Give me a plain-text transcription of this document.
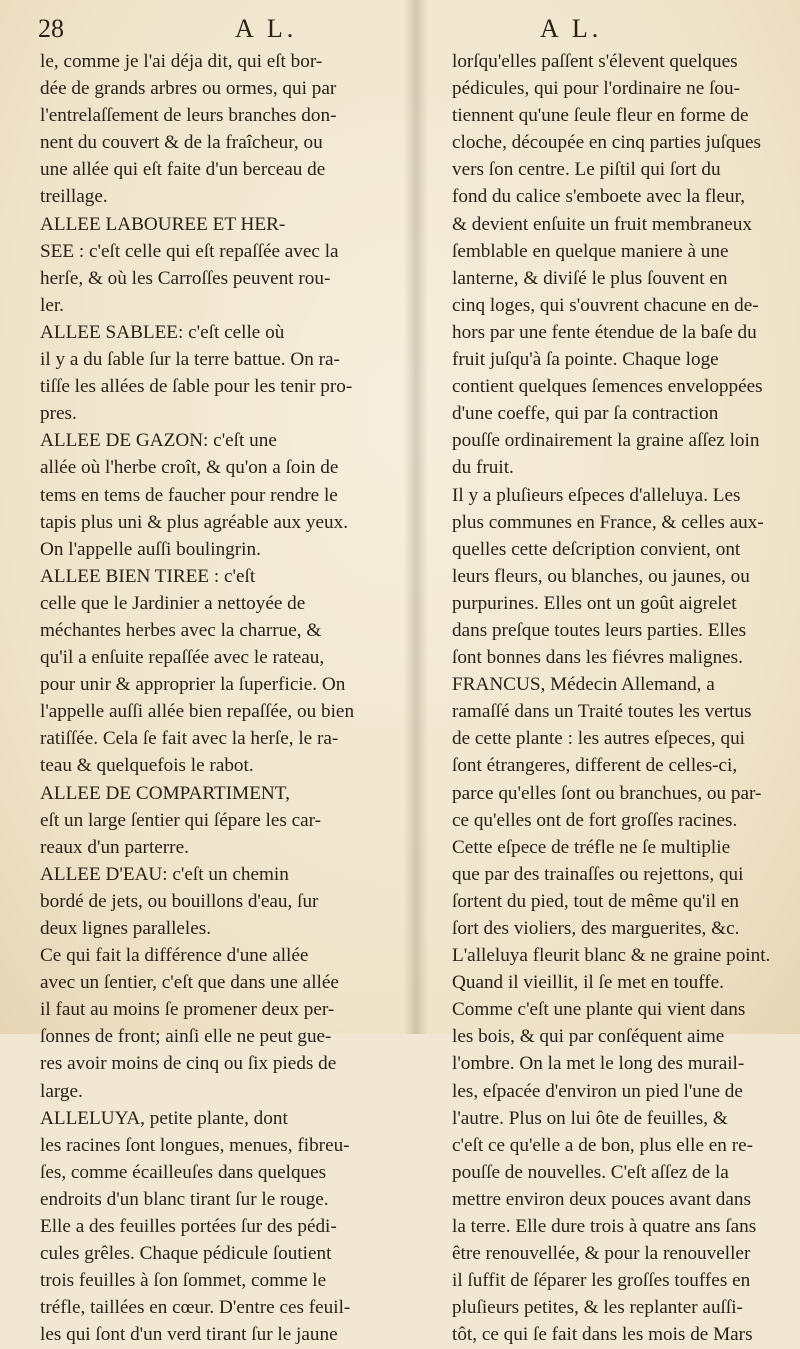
28	A L.	A L.
le, comme je l'ai déja dit, qui eſt bor-
dée de grands arbres ou ormes, qui par
l'entrelaſſement de leurs branches don-
nent du couvert & de la fraîcheur, ou
une allée qui eſt faite d'un berceau de
treillage.
ALLEE LABOUREE ET HER-
SEE : c'eſt celle qui eſt repaſſée avec la
herſe, & où les Carroſſes peuvent rou-
ler.
ALLEE SABLEE: c'eſt celle où
il y a du ſable ſur la terre battue. On ra-
tiſſe les allées de ſable pour les tenir pro-
pres.
ALLEE DE GAZON: c'eſt une
allée où l'herbe croît, & qu'on a ſoin de
tems en tems de faucher pour rendre le
tapis plus uni & plus agréable aux yeux.
On l'appelle auſſi boulingrin.
ALLEE BIEN TIREE : c'eſt
celle que le Jardinier a nettoyée de
méchantes herbes avec la charrue, &
qu'il a enſuite repaſſée avec le rateau,
pour unir & approprier la ſuperficie. On
l'appelle auſſi allée bien repaſſée, ou bien
ratiſſée. Cela ſe fait avec la herſe, le ra-
teau & quelquefois le rabot.
ALLEE DE COMPARTIMENT,
eſt un large ſentier qui ſépare les car-
reaux d'un parterre.
ALLEE D'EAU: c'eſt un chemin
bordé de jets, ou bouillons d'eau, ſur
deux lignes paralleles.
Ce qui fait la différence d'une allée
avec un ſentier, c'eſt que dans une allée
il faut au moins ſe promener deux per-
ſonnes de front; ainſi elle ne peut gue-
res avoir moins de cinq ou ſix pieds de
large.
ALLELUYA, petite plante, dont
les racines ſont longues, menues, fibreu-
ſes, comme écailleuſes dans quelques
endroits d'un blanc tirant ſur le rouge.
Elle a des feuilles portées ſur des pédi-
cules grêles. Chaque pédicule ſoutient
trois feuilles à ſon ſommet, comme le
tréfle, taillées en cœur. D'entre ces feuil-
les qui ſont d'un verd tirant ſur le jaune
lorſqu'elles paſſent s'élevent quelques
pédicules, qui pour l'ordinaire ne ſou-
tiennent qu'une ſeule fleur en forme de
cloche, découpée en cinq parties juſques
vers ſon centre. Le piſtil qui ſort du
fond du calice s'emboete avec la fleur,
& devient enſuite un fruit membraneux
ſemblable en quelque maniere à une
lanterne, & diviſé le plus ſouvent en
cinq loges, qui s'ouvrent chacune en de-
hors par une fente étendue de la baſe du
fruit juſqu'à ſa pointe. Chaque loge
contient quelques ſemences enveloppées
d'une coeffe, qui par ſa contraction
pouſſe ordinairement la graine aſſez loin
du fruit.
Il y a pluſieurs eſpeces d'alleluya. Les
plus communes en France, & celles aux-
quelles cette deſcription convient, ont
leurs fleurs, ou blanches, ou jaunes, ou
purpurines. Elles ont un goût aigrelet
dans preſque toutes leurs parties. Elles
ſont bonnes dans les fiévres malignes.
FRANCUS, Médecin Allemand, a
ramaſſé dans un Traité toutes les vertus
de cette plante : les autres eſpeces, qui
ſont étrangeres, different de celles-ci,
parce qu'elles ſont ou branchues, ou par-
ce qu'elles ont de fort groſſes racines.
Cette eſpece de tréfle ne ſe multiplie
que par des trainaſſes ou rejettons, qui
ſortent du pied, tout de même qu'il en
ſort des violiers, des marguerites, &c.
L'alleluya fleurit blanc & ne graine point.
Quand il vieillit, il ſe met en touffe.
Comme c'eſt une plante qui vient dans
les bois, & qui par conſéquent aime
l'ombre. On la met le long des murail-
les, eſpacée d'environ un pied l'une de
l'autre. Plus on lui ôte de feuilles, &
c'eſt ce qu'elle a de bon, plus elle en re-
pouſſe de nouvelles. C'eſt aſſez de la
mettre environ deux pouces avant dans
la terre. Elle dure trois à quatre ans ſans
être renouvellée, & pour la renouveller
il ſuffit de ſéparer les groſſes touffes en
pluſieurs petites, & les replanter auſſi-
tôt, ce qui ſe fait dans les mois de Mars
